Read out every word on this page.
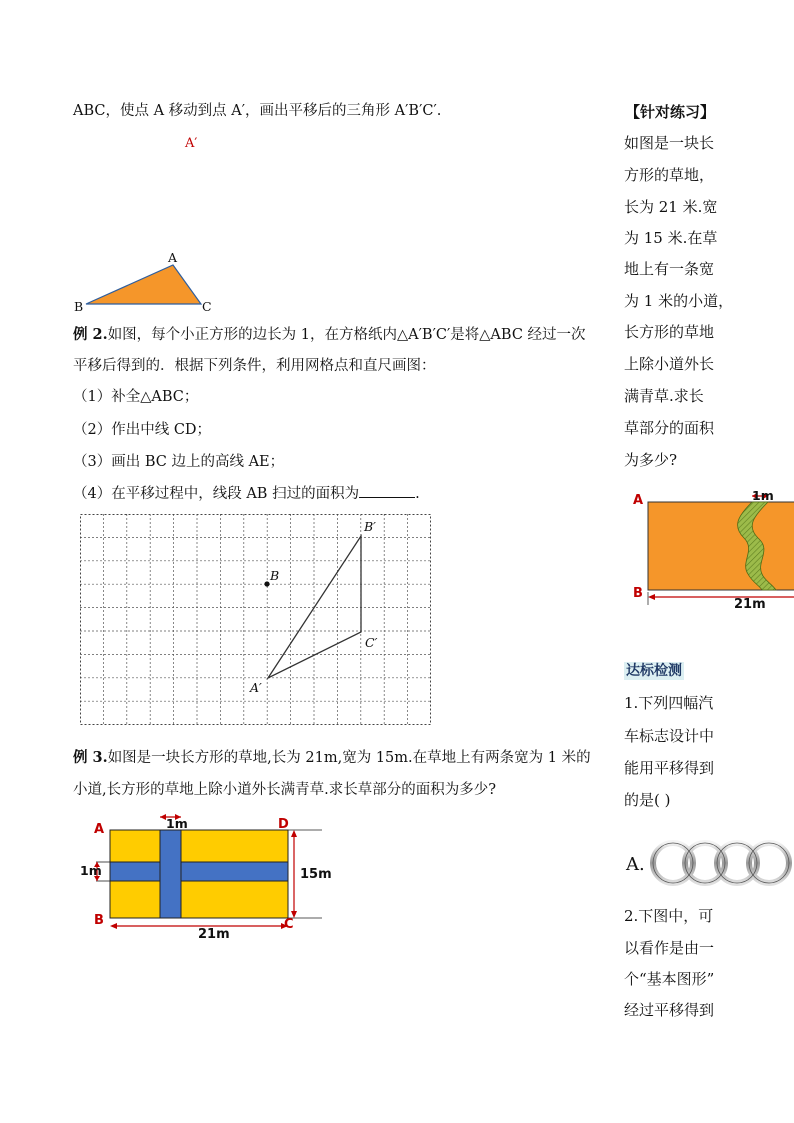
ABC，使点 A 移动到点 A′，画出平移后的三角形 A′B′C′.
A′
A
B	C
例 2.如图，每个小正方形的边长为 1，在方格纸内△A′B′C′是将△ABC 经过一次
平移后得到的．根据下列条件，利用网格点和直尺画图：
（1）补全△ABC；
（2）作出中线 CD；
（3）画出 BC 边上的高线 AE；
（4）在平移过程中，线段 AB 扫过的面积为	.
B
B′
C′
A′
例 3.如图是一块长方形的草地,长为 21m,宽为 15m.在草地上有两条宽为 1 米的
小道,长方形的草地上除小道外长满青草.求长草部分的面积为多少?
A
B	C
D
1m
1m	15m
21m
【针对练习】
如图是一块长
方形的草地，
长为 21 米.宽
为 15 米.在草
地上有一条宽
为 1 米的小道，
长方形的草地
上除小道外长
满青草.求长
草部分的面积
为多少?
A
B
1m
21m
达标检测
1.下列四幅汽
车标志设计中
能用平移得到
的是( )
A.
2.下图中，可
以看作是由一
个“基本图形”
经过平移得到
